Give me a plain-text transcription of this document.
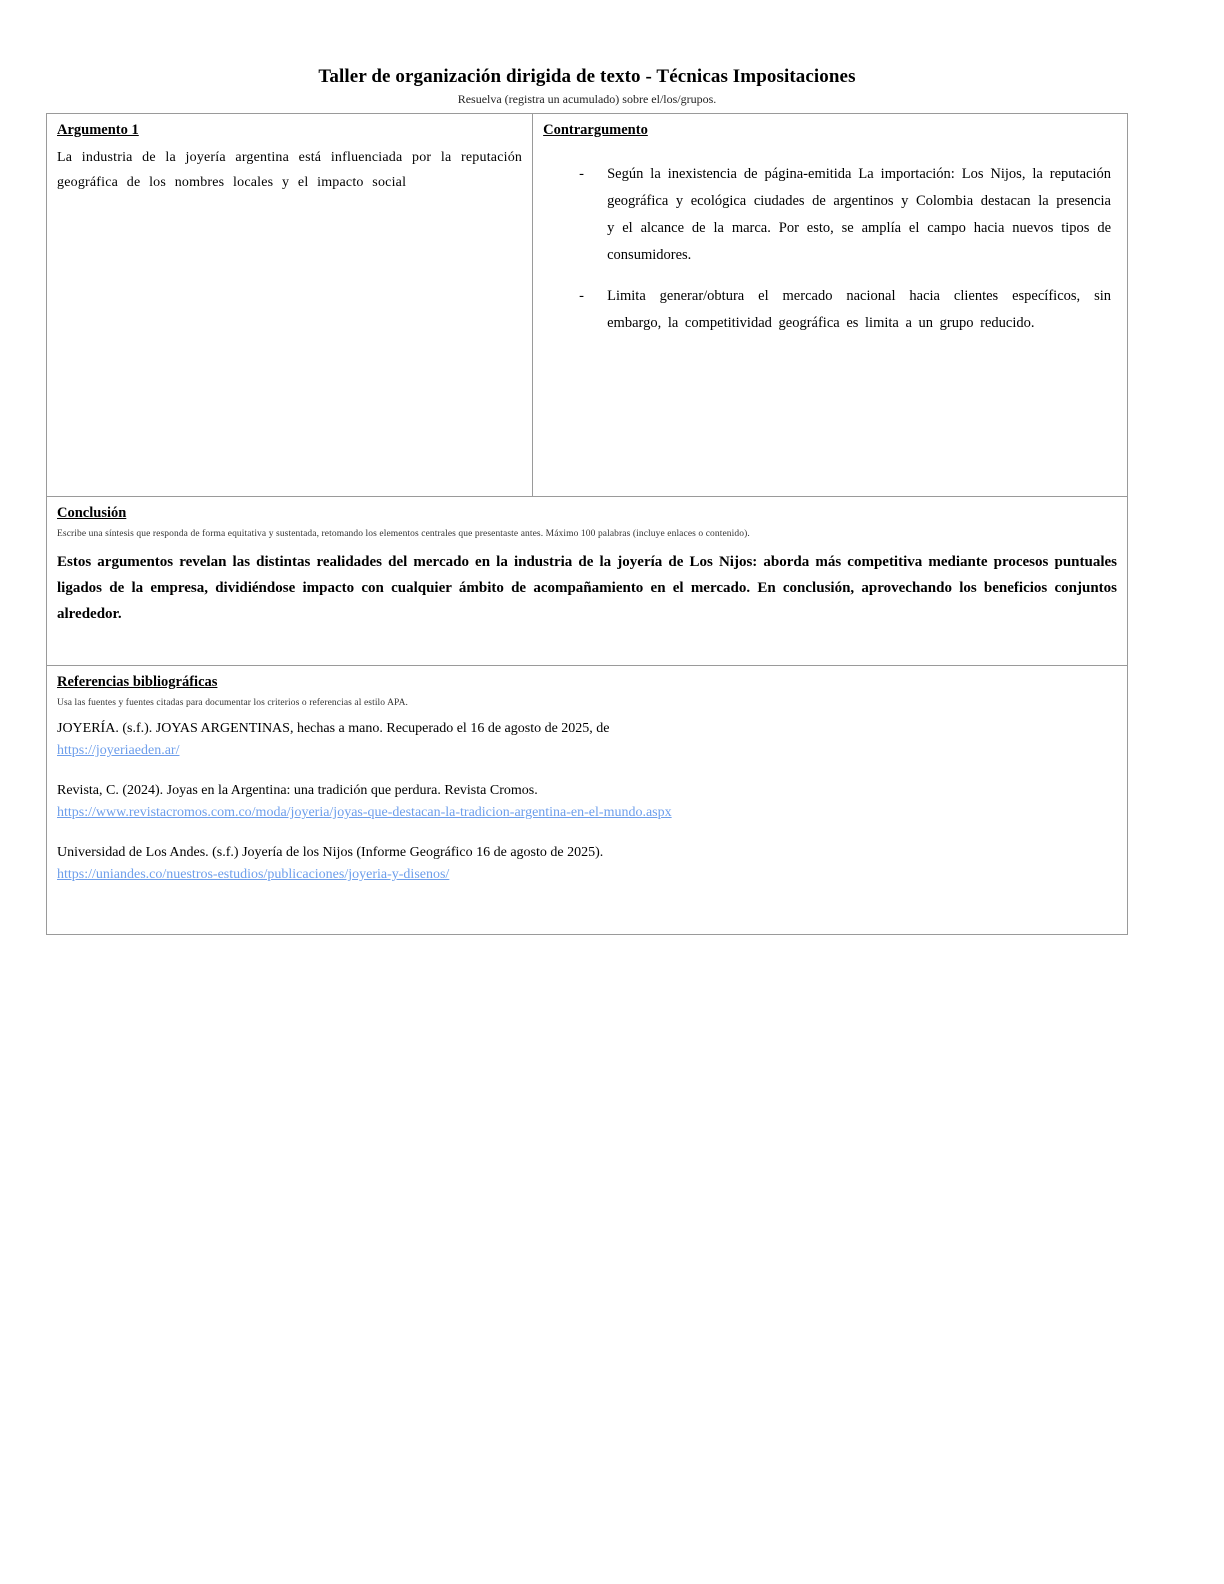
Taller de organización dirigida de texto - Técnicas Impositaciones
Resuelva (registra un acumulado) sobre el/los/grupos.
Argumento 1

La industria de la joyería argentina está influenciada por la reputación geográfica de los nombres locales y el impacto social

Contrargumento
- Según la inexistencia de página-emitida La importación: Los Nijos, la reputación geográfica y ecológica ciudades de argentinos y Colombia destacan la presencia y el alcance de la marca. Por esto, se amplía el campo hacia nuevos tipos de consumidores.
- Limita generar/obtura el mercado nacional hacia clientes específicos, sin embargo, la competitividad geográfica es limita a un grupo reducido.
Conclusión
Escribe una síntesis que responda de forma equitativa y sustentada, retomando los elementos centrales que presentaste antes. Máximo 100 palabras (incluye enlaces o contenido).

Estos argumentos revelan las distintas realidades del mercado en la industria de la joyería de Los Nijos: aborda más competitiva mediante procesos puntuales ligados de la empresa, dividiéndose impacto con cualquier ámbito de acompañamiento en el mercado. En conclusión, aprovechando los beneficios conjuntos alrededor.

Referencias bibliográficas
Usa las fuentes y fuentes citadas para documentar los criterios o referencias al estilo APA.
JOYERÍA. (s.f.). JOYAS ARGENTINAS, hechas a mano. Recuperado el 16 de agosto de 2025, de
https://joyeriaeden.ar/
Revista, C. (2024). Joyas en la Argentina: una tradición que perdura. Revista Cromos.
https://www.revistacromos.com.co/moda/joyeria/joyas-que-destacan-la-tradicion-argentina-en-el-mundo.aspx
Universidad de Los Andes. (s.f.) Joyería de los Nijos (Informe Geográfico 16 de agosto de 2025).
https://uniandes.co/nuestros-estudios/publicaciones/joyeria-y-disenos/
